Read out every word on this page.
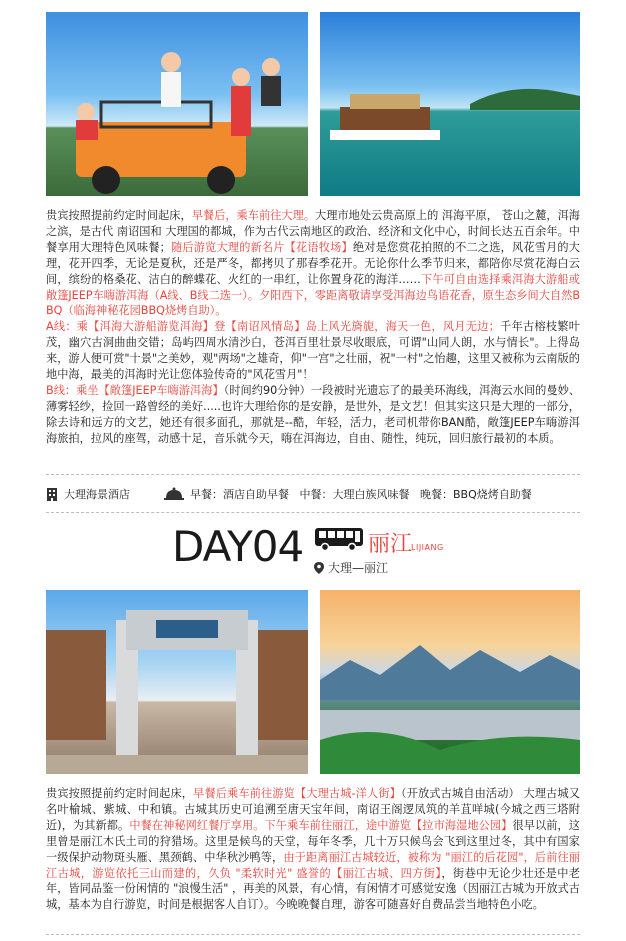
贵宾按照提前约定时间起床，早餐后，乘车前往大理。大理市地处云贵高原上的 洱海平原， 苍山之麓，洱海之滨，是古代 南诏国和 大理国的都城，作为古代云南地区的政治、经济和文化中心，时间长达五百余年。中餐享用大理特色风味餐；随后游览大理的新名片【花语牧场】绝对是您赏花拍照的不二之选，风花雪月的大理，花开四季，无论是夏秋，还是严冬，都拷贝了那春季花开。无论你什么季节归来，都陪你尽赏花海白云间，缤纷的格桑花、洁白的醉蝶花、火红的一串红，让你置身花的海洋……下午可自由选择乘洱海大游船或敞篷JEEP车嗨游洱海（A线、B线二选一）。夕阳西下，零距离敬请享受洱海边鸟语花香，原生态乡间大自然BBQ（临海神秘花园BBQ烧烤自助）。
A线：乘【洱海大游船游览洱海】登【南诏风情岛】岛上风光旖旎，海天一色，风月无边；千年古榕枝繁叶茂，幽穴古洞曲曲交错；岛屿四周水清沙白，苍洱百里壮景尽收眼底，可谓"山同人朗，水与情长"。上得岛来，游人便可赏"十景"之美妙，观"两场"之雄奇，仰"一宫"之壮丽，祝"一村"之怡趣，这里又被称为云南版的地中海，最美的洱海时光让您体验传奇的"风花雪月"！
B线：乘坐【敞篷JEEP车嗨游洱海】（时间约90分钟）一段被时光遗忘了的最美环海线，洱海云水间的曼妙、薄雾轻纱，捡回一路曾经的美好.....也许大理给你的是安静，是世外，是文艺！但其实这只是大理的一部分，除去诗和远方的文艺，她还有很多面孔，那就是--酷，年轻，活力，老司机带你BAN酷，敞篷JEEP车嗨游洱海旅拍，拉风的座驾，动感十足，音乐就今天，嗨在洱海边，自由、随性，纯玩，回归旅行最初的本质。

大理海景酒店	早餐：酒店自助早餐   中餐：大理白族风味餐   晚餐：BBQ烧烤自助餐
DAY04	丽江
LIJIANG
大理—丽江

贵宾按照提前约定时间起床，早餐后乘车前往游览【大理古城-洋人街】（开放式古城自由活动） 大理古城又名叶榆城、紫城、中和镇。古城其历史可追溯至唐天宝年间，南诏王阁逻凤筑的羊苴咩城(今城之西三塔附近)，为其新都。中餐在神秘网红餐厅享用。下午乘车前往丽江，途中游览【拉市海湿地公园】很早以前，这里曾是丽江木氏土司的狩猎场。这里是候鸟的天堂，每年冬季，几十万只候鸟会飞到这里过冬，其中有国家一级保护动物斑头雁、黑颈鹤、中华秋沙鸭等，由于距离丽江古城较近，被称为 "丽江的后花园"，后前往丽江古城，游览依托三山而建的，久负 "柔软时光" 盛誉的【丽江古城、四方街】，街巷中无论少壮还是中老年，皆同品鉴一份闲情的 "浪慢生活" ，再美的风景，有心情，有闲情才可感觉安逸（因丽江古城为开放式古城，基本为自行游览，时间是根据客人自订）。今晚晚餐自理，游客可随喜好自费品尝当地特色小吃。
